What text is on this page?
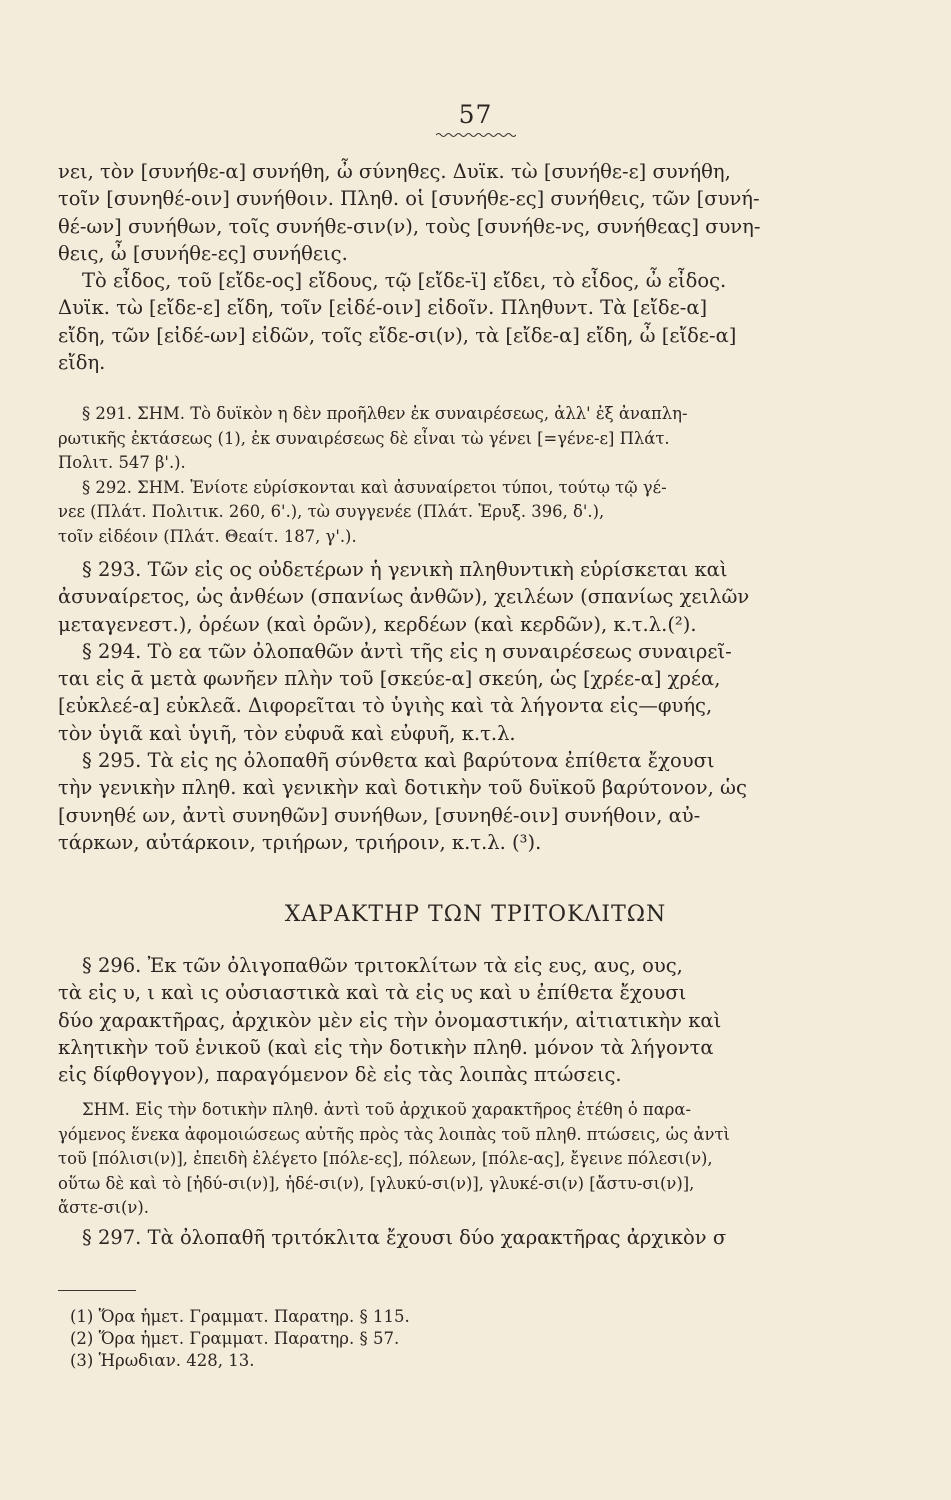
57
νει, τὸν [συνήθε-α] συνήθη, ὦ σύνηθες. Δυϊκ. τὼ [συνήθε-ε] συνήθη,
τοῖν [συνηθέ-οιν] συνήθοιν. Πληθ. οἱ [συνήθε-ες] συνήθεις, τῶν [συνή-
θέ-ων] συνήθων, τοῖς συνήθε-σιν(ν), τοὺς [συνήθε-νς, συνήθεας] συνη-
θεις, ὦ [συνήθε-ες] συνήθεις.
Τὸ εἶδος, τοῦ [εἴδε-ος] εἴδους, τῷ [εἴδε-ϊ] εἴδει, τὸ εἶδος, ὦ εἶδος.
Δυϊκ. τὼ [εἴδε-ε] εἴδη, τοῖν [εἰδέ-οιν] εἰδοῖν. Πληθυντ. Τὰ [εἴδε-α]
εἴδη, τῶν [εἰδέ-ων] εἰδῶν, τοῖς εἴδε-σι(ν), τὰ [εἴδε-α] εἴδη, ὦ [εἴδε-α]
εἴδη.
§ 291. ΣΗΜ. Τὸ δυϊκὸν η δὲν προῆλθεν ἐκ συναιρέσεως, ἀλλ' ἐξ ἀναπλη-
ρωτικῆς ἐκτάσεως (1), ἐκ συναιρέσεως δὲ εἶναι τὼ γένει [=γένε-ε] Πλάτ.
Πολιτ. 547 β'.).
§ 292. ΣΗΜ. Ἐνίοτε εὑρίσκονται καὶ ἀσυναίρετοι τύποι, τούτῳ τῷ γέ-
νεε (Πλάτ. Πολιτικ. 260, 6'.), τὼ συγγενέε (Πλάτ. Ἐρυξ. 396, δ'.),
τοῖν εἰδέοιν (Πλάτ. Θεαίτ. 187, γ'.).
§ 293. Τῶν εἰς ος οὐδετέρων ἡ γενικὴ πληθυντικὴ εὑρίσκεται καὶ
ἀσυναίρετος, ὡς ἀνθέων (σπανίως ἀνθῶν), χειλέων (σπανίως χειλῶν
μεταγενεστ.), ὀρέων (καὶ ὀρῶν), κερδέων (καὶ κερδῶν), κ.τ.λ.(²).
§ 294. Τὸ εα τῶν ὀλοπαθῶν ἀντὶ τῆς εἰς η συναιρέσεως συναιρεῖ-
ται εἰς ᾱ μετὰ φωνῆεν πλὴν τοῦ [σκεύε-α] σκεύη, ὡς [χρέε-α] χρέα,
[εὐκλεέ-α] εὐκλεᾶ. Διφορεῖται τὸ ὑγιὴς καὶ τὰ λήγοντα εἰς—φυής,
τὸν ὑγιᾶ καὶ ὑγιῆ, τὸν εὐφυᾶ καὶ εὐφυῆ, κ.τ.λ.
§ 295. Τὰ εἰς ης ὀλοπαθῆ σύνθετα καὶ βαρύτονα ἐπίθετα ἔχουσι
τὴν γενικὴν πληθ. καὶ γενικὴν καὶ δοτικὴν τοῦ δυϊκοῦ βαρύτονον, ὡς
[συνηθέ ων, ἀντὶ συνηθῶν] συνήθων, [συνηθέ-οιν] συνήθοιν, αὐ-
τάρκων, αὐτάρκοιν, τριήρων, τριήροιν, κ.τ.λ. (³).
ΧΑΡΑΚΤΗΡ ΤΩΝ ΤΡΙΤΟΚΛΙΤΩΝ
§ 296. Ἐκ τῶν ὀλιγοπαθῶν τριτοκλίτων τὰ εἰς ευς, αυς, ους,
τὰ εἰς υ, ι καὶ ις οὐσιαστικὰ καὶ τὰ εἰς υς καὶ υ ἐπίθετα ἔχουσι
δύο χαρακτῆρας, ἀρχικὸν μὲν εἰς τὴν ὀνομαστικήν, αἰτιατικὴν καὶ
κλητικὴν τοῦ ἑνικοῦ (καὶ εἰς τὴν δοτικὴν πληθ. μόνον τὰ λήγοντα
εἰς δίφθογγον), παραγόμενον δὲ εἰς τὰς λοιπὰς πτώσεις.
ΣΗΜ. Εἰς τὴν δοτικὴν πληθ. ἀντὶ τοῦ ἀρχικοῦ χαρακτῆρος ἐτέθη ὁ παρα-
γόμενος ἕνεκα ἀφομοιώσεως αὐτῆς πρὸς τὰς λοιπὰς τοῦ πληθ. πτώσεις, ὡς ἀντὶ
τοῦ [πόλισι(ν)], ἐπειδὴ ἐλέγετο [πόλε-ες], πόλεων, [πόλε-ας], ἔγεινε πόλεσι(ν),
οὕτω δὲ καὶ τὸ [ἡδύ-σι(ν)], ἡδέ-σι(ν), [γλυκύ-σι(ν)], γλυκέ-σι(ν) [ἄστυ-σι(ν)],
ἄστε-σι(ν).
§ 297. Τὰ ὀλοπαθῆ τριτόκλιτα ἔχουσι δύο χαρακτῆρας ἀρχικὸν σ
(1) Ὅρα ἡμετ. Γραμματ. Παρατηρ. § 115.
(2) Ὅρα ἡμετ. Γραμματ. Παρατηρ. § 57.
(3) Ἡρωδιαν. 428, 13.
